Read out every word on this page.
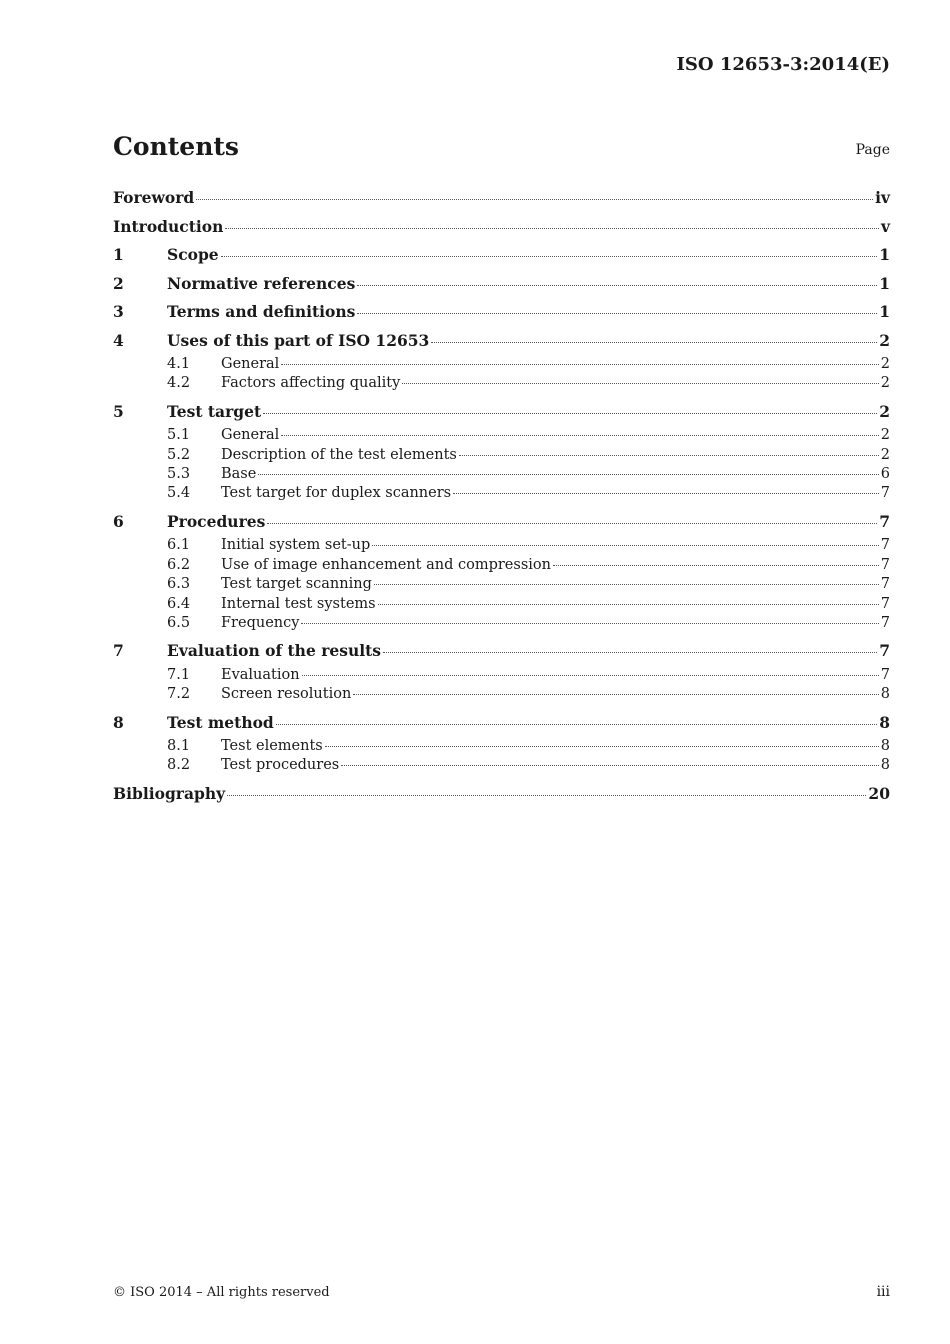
ISO 12653-3:2014(E)
Contents	Page
Foreword	iv
Introduction	v
1	Scope	1
2	Normative references	1
3	Terms and definitions	1
4	Uses of this part of ISO 12653	2
4.1	General	2
4.2	Factors affecting quality	2
5	Test target	2
5.1	General	2
5.2	Description of the test elements	2
5.3	Base	6
5.4	Test target for duplex scanners	7
6	Procedures	7
6.1	Initial system set-up	7
6.2	Use of image enhancement and compression	7
6.3	Test target scanning	7
6.4	Internal test systems	7
6.5	Frequency	7
7	Evaluation of the results	7
7.1	Evaluation	7
7.2	Screen resolution	8
8	Test method	8
8.1	Test elements	8
8.2	Test procedures	8
Bibliography	20
© ISO 2014 – All rights reserved	iii
